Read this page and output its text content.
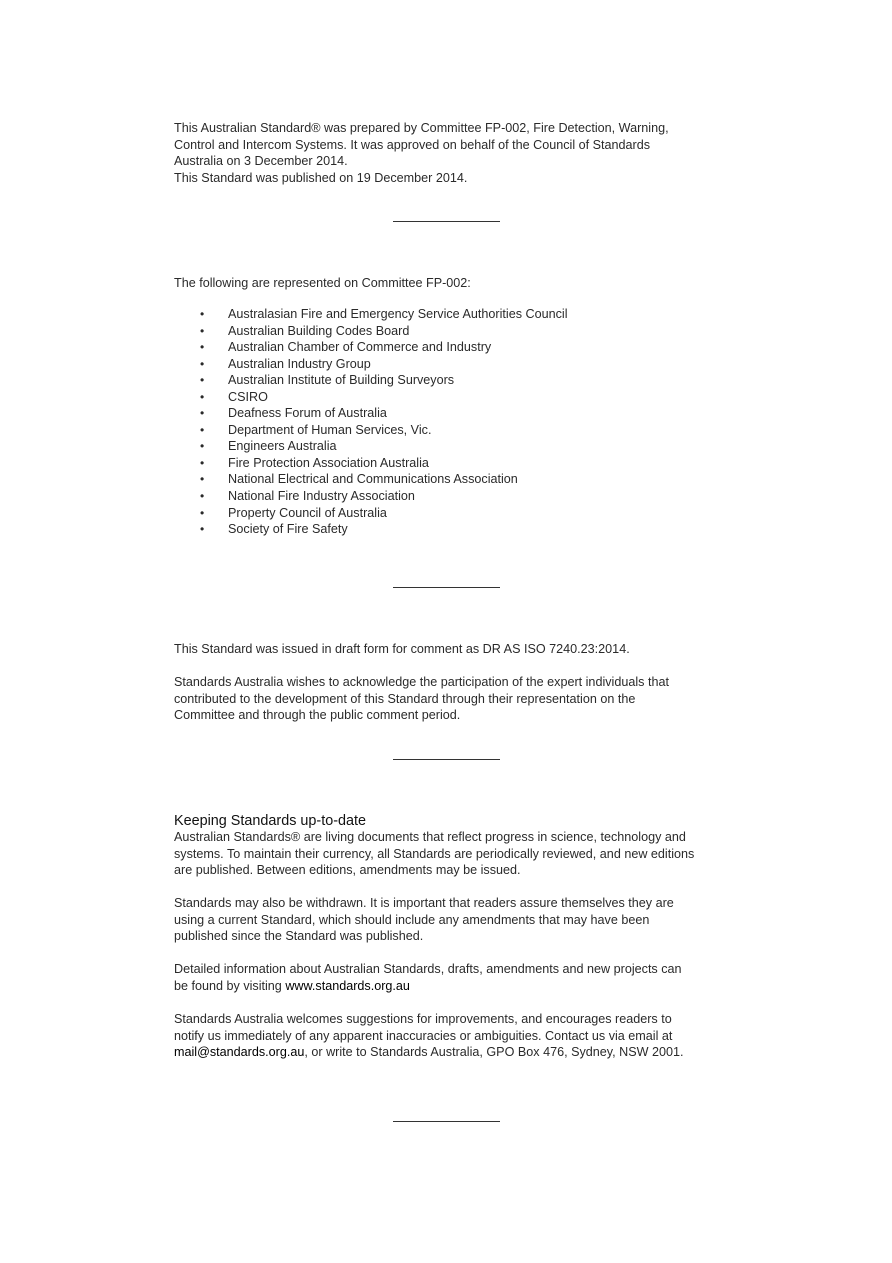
This Australian Standard® was prepared by Committee FP-002, Fire Detection, Warning,

Control and Intercom Systems. It was approved on behalf of the Council of Standards

Australia on 3 December 2014.

This Standard was published on 19 December 2014.

The following are represented on Committee FP-002:

•	Australasian Fire and Emergency Service Authorities Council
•	Australian Building Codes Board
•	Australian Chamber of Commerce and Industry
•	Australian Industry Group
•	Australian Institute of Building Surveyors
•	CSIRO
•	Deafness Forum of Australia
•	Department of Human Services, Vic.
•	Engineers Australia
•	Fire Protection Association Australia
•	National Electrical and Communications Association
•	National Fire Industry Association
•	Property Council of Australia
•	Society of Fire Safety

This Standard was issued in draft form for comment as DR AS ISO 7240.23:2014.

Standards Australia wishes to acknowledge the participation of the expert individuals that

contributed to the development of this Standard through their representation on the

Committee and through the public comment period.

Keeping Standards up-to-date

Australian Standards® are living documents that reflect progress in science, technology and

systems. To maintain their currency, all Standards are periodically reviewed, and new editions

are published. Between editions, amendments may be issued.

Standards may also be withdrawn. It is important that readers assure themselves they are

using a current Standard, which should include any amendments that may have been

published since the Standard was published.

Detailed information about Australian Standards, drafts, amendments and new projects can

be found by visiting www.standards.org.au

Standards Australia welcomes suggestions for improvements, and encourages readers to

notify us immediately of any apparent inaccuracies or ambiguities. Contact us via email at

mail@standards.org.au, or write to Standards Australia, GPO Box 476, Sydney, NSW 2001.
